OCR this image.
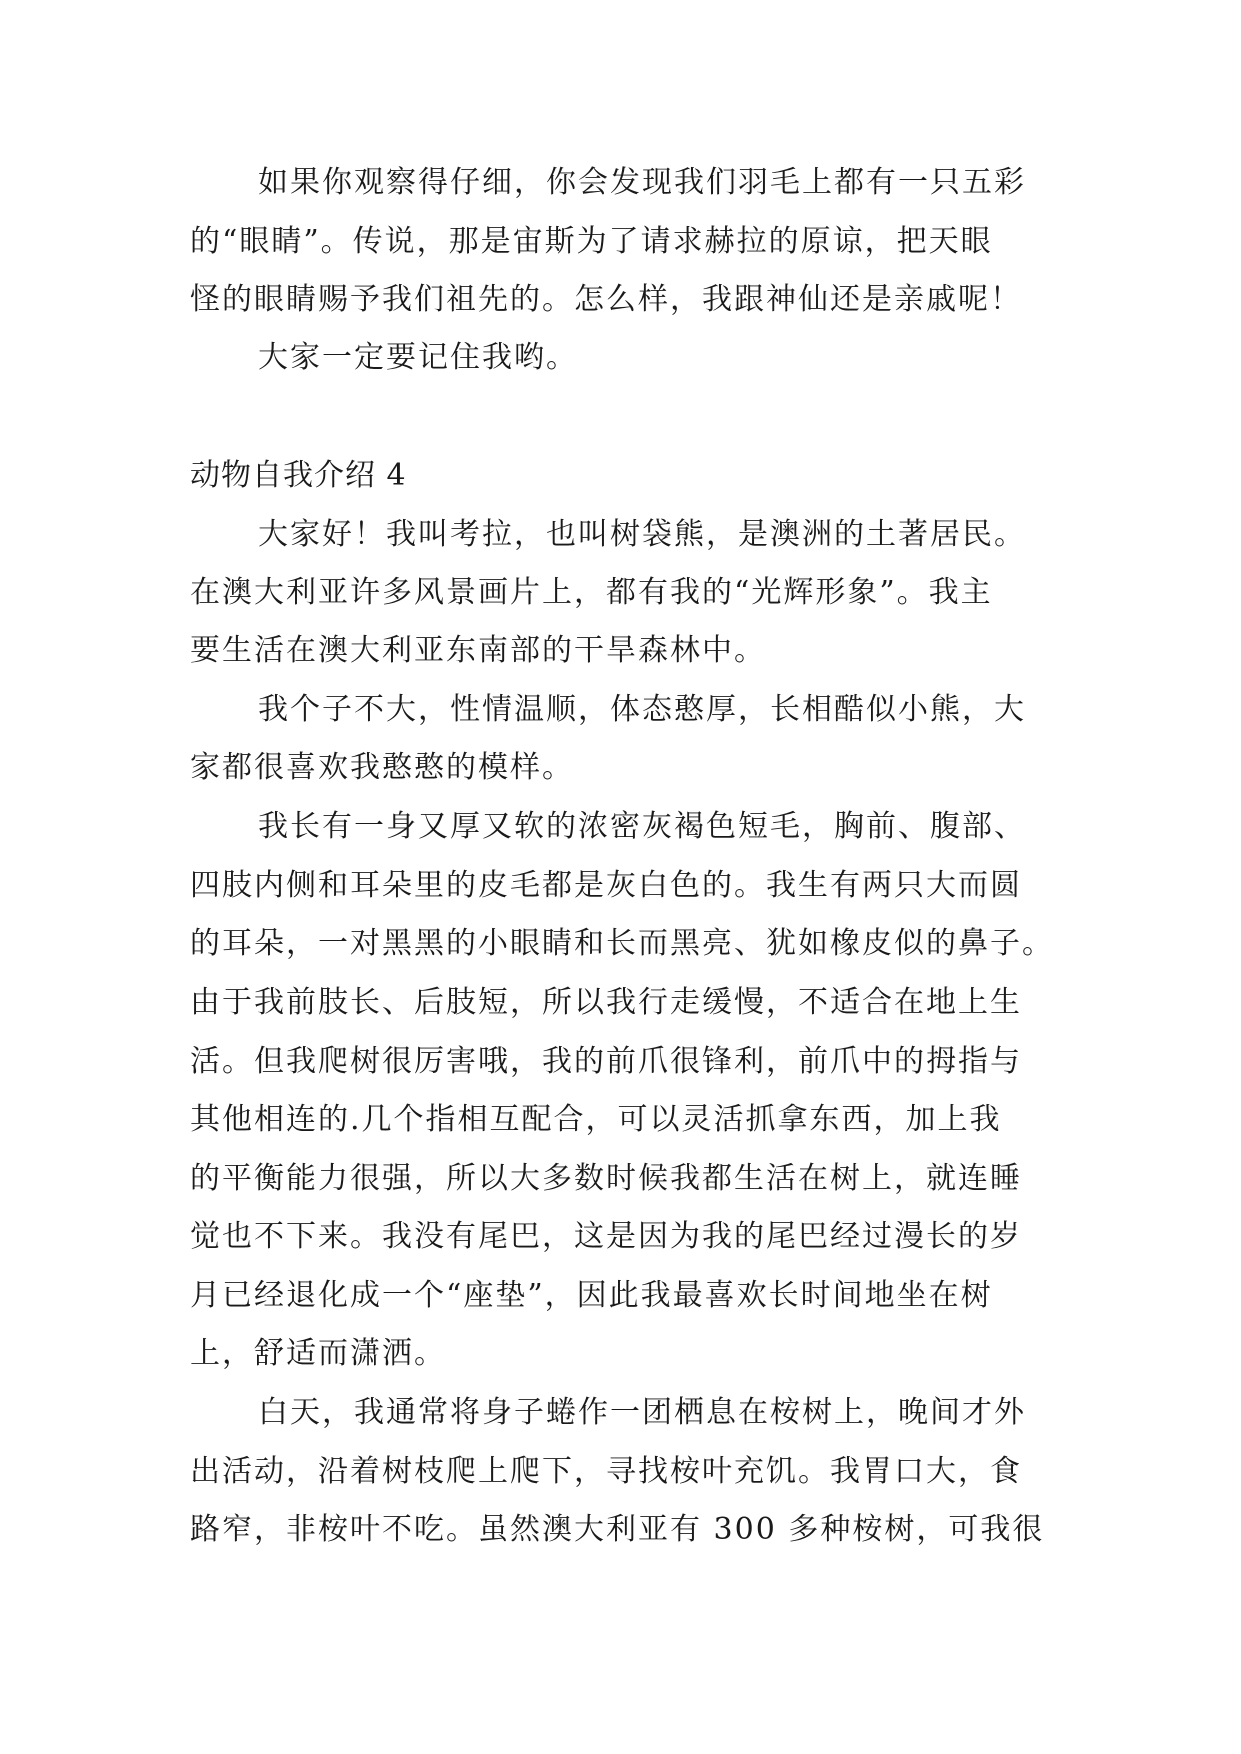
如果你观察得仔细，你会发现我们羽毛上都有一只五彩
的“眼睛”。传说，那是宙斯为了请求赫拉的原谅，把天眼
怪的眼睛赐予我们祖先的。怎么样，我跟神仙还是亲戚呢！
大家一定要记住我哟。
动物自我介绍 4
大家好！我叫考拉，也叫树袋熊，是澳洲的土著居民。
在澳大利亚许多风景画片上，都有我的“光辉形象”。我主
要生活在澳大利亚东南部的干旱森林中。
我个子不大，性情温顺，体态憨厚，长相酷似小熊，大
家都很喜欢我憨憨的模样。
我长有一身又厚又软的浓密灰褐色短毛，胸前、腹部、
四肢内侧和耳朵里的皮毛都是灰白色的。我生有两只大而圆
的耳朵，一对黑黑的小眼睛和长而黑亮、犹如橡皮似的鼻子。
由于我前肢长、后肢短，所以我行走缓慢，不适合在地上生
活。但我爬树很厉害哦，我的前爪很锋利，前爪中的拇指与
其他相连的.几个指相互配合，可以灵活抓拿东西，加上我
的平衡能力很强，所以大多数时候我都生活在树上，就连睡
觉也不下来。我没有尾巴，这是因为我的尾巴经过漫长的岁
月已经退化成一个“座垫”，因此我最喜欢长时间地坐在树
上，舒适而潇洒。
白天，我通常将身子蜷作一团栖息在桉树上，晚间才外
出活动，沿着树枝爬上爬下，寻找桉叶充饥。我胃口大，食
路窄，非桉叶不吃。虽然澳大利亚有 300 多种桉树，可我很
